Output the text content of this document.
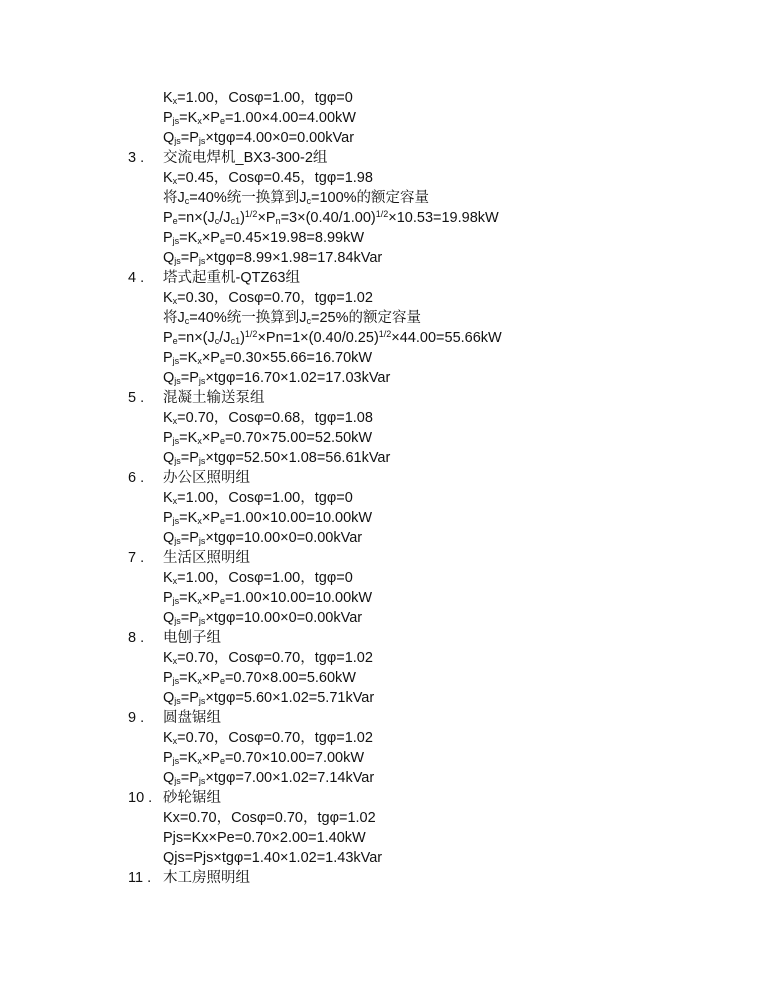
$K_x=1.00$，Cosφ=1.00，tgφ=0
$P_{js}=K_x\times P_e=1.00\times 4.00=4.00kW$
$Q_{js}=P_{js}\times tg\varphi=4.00\times 0=0.00kVar$
3 . 交流电焊机_BX3-300-2组
$K_x=0.45$，Cosφ=0.45，tgφ=1.98
将$J_c=40\%$统一换算到$J_c=100\%$的额定容量
$P_e=n\times(J_c/J_{c1})^{1/2}\times P_n=3\times(0.40/1.00)^{1/2}\times 10.53=19.98kW$
$P_{js}=K_x\times P_e=0.45\times 19.98=8.99kW$
$Q_{js}=P_{js}\times tg\varphi=8.99\times 1.98=17.84kVar$
4 . 塔式起重机-QTZ63组
$K_x=0.30$，Cosφ=0.70，tgφ=1.02
将$J_c=40\%$统一换算到$J_c=25\%$的额定容量
$P_e=n\times(J_c/J_{c1})^{1/2}\times Pn=1\times(0.40/0.25)^{1/2}\times 44.00=55.66kW$
$P_{js}=K_x\times P_e=0.30\times 55.66=16.70kW$
$Q_{js}=P_{js}\times tg\varphi=16.70\times 1.02=17.03kVar$
5 . 混凝土输送泵组
$K_x=0.70$，Cosφ=0.68，tgφ=1.08
$P_{js}=K_x\times P_e=0.70\times 75.00=52.50kW$
$Q_{js}=P_{js}\times tg\varphi=52.50\times 1.08=56.61kVar$
6 . 办公区照明组
$K_x=1.00$，Cosφ=1.00，tgφ=0
$P_{js}=K_x\times P_e=1.00\times 10.00=10.00kW$
$Q_{js}=P_{js}\times tg\varphi=10.00\times 0=0.00kVar$
7 . 生活区照明组
$K_x=1.00$，Cosφ=1.00，tgφ=0
$P_{js}=K_x\times P_e=1.00\times 10.00=10.00kW$
$Q_{js}=P_{js}\times tg\varphi=10.00\times 0=0.00kVar$
8 . 电刨子组
$K_x=0.70$，Cosφ=0.70，tgφ=1.02
$P_{js}=K_x\times P_e=0.70\times 8.00=5.60kW$
$Q_{js}=P_{js}\times tg\varphi=5.60\times 1.02=5.71kVar$
9 . 圆盘锯组
$K_x=0.70$，Cosφ=0.70，tgφ=1.02
$P_{js}=K_x\times P_e=0.70\times 10.00=7.00kW$
$Q_{js}=P_{js}\times tg\varphi=7.00\times 1.02=7.14kVar$
10 . 砂轮锯组
Kx=0.70，Cosφ=0.70，tgφ=1.02
Pjs=Kx×Pe=0.70×2.00=1.40kW
Qjs=Pjs×tgφ=1.40×1.02=1.43kVar
11 . 木工房照明组
